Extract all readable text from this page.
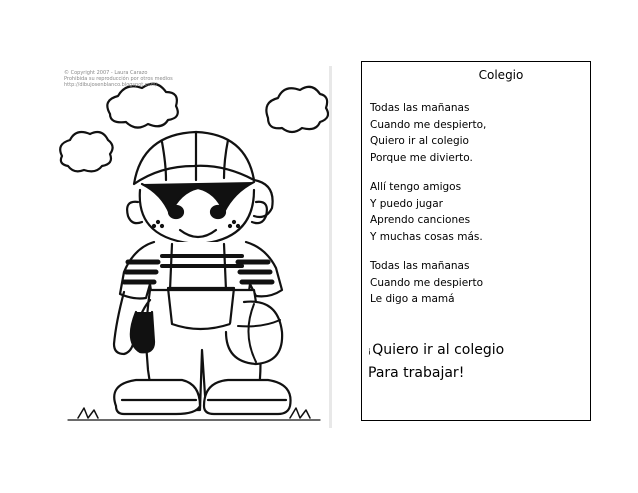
© Copyright 2007 - Laura Carazo
Prohibida su reproducción por otros medios
http://dibujosenblanco.blogspot.com/
Colegio
Todas las mañanas
Cuando me despierto,
Quiero ir al colegio
Porque me divierto.
Allí tengo amigos
Y puedo jugar
Aprendo canciones
Y muchas cosas más.
Todas las mañanas
Cuando me despierto
Le digo a mamá
¡Quiero ir al colegio
Para trabajar!
